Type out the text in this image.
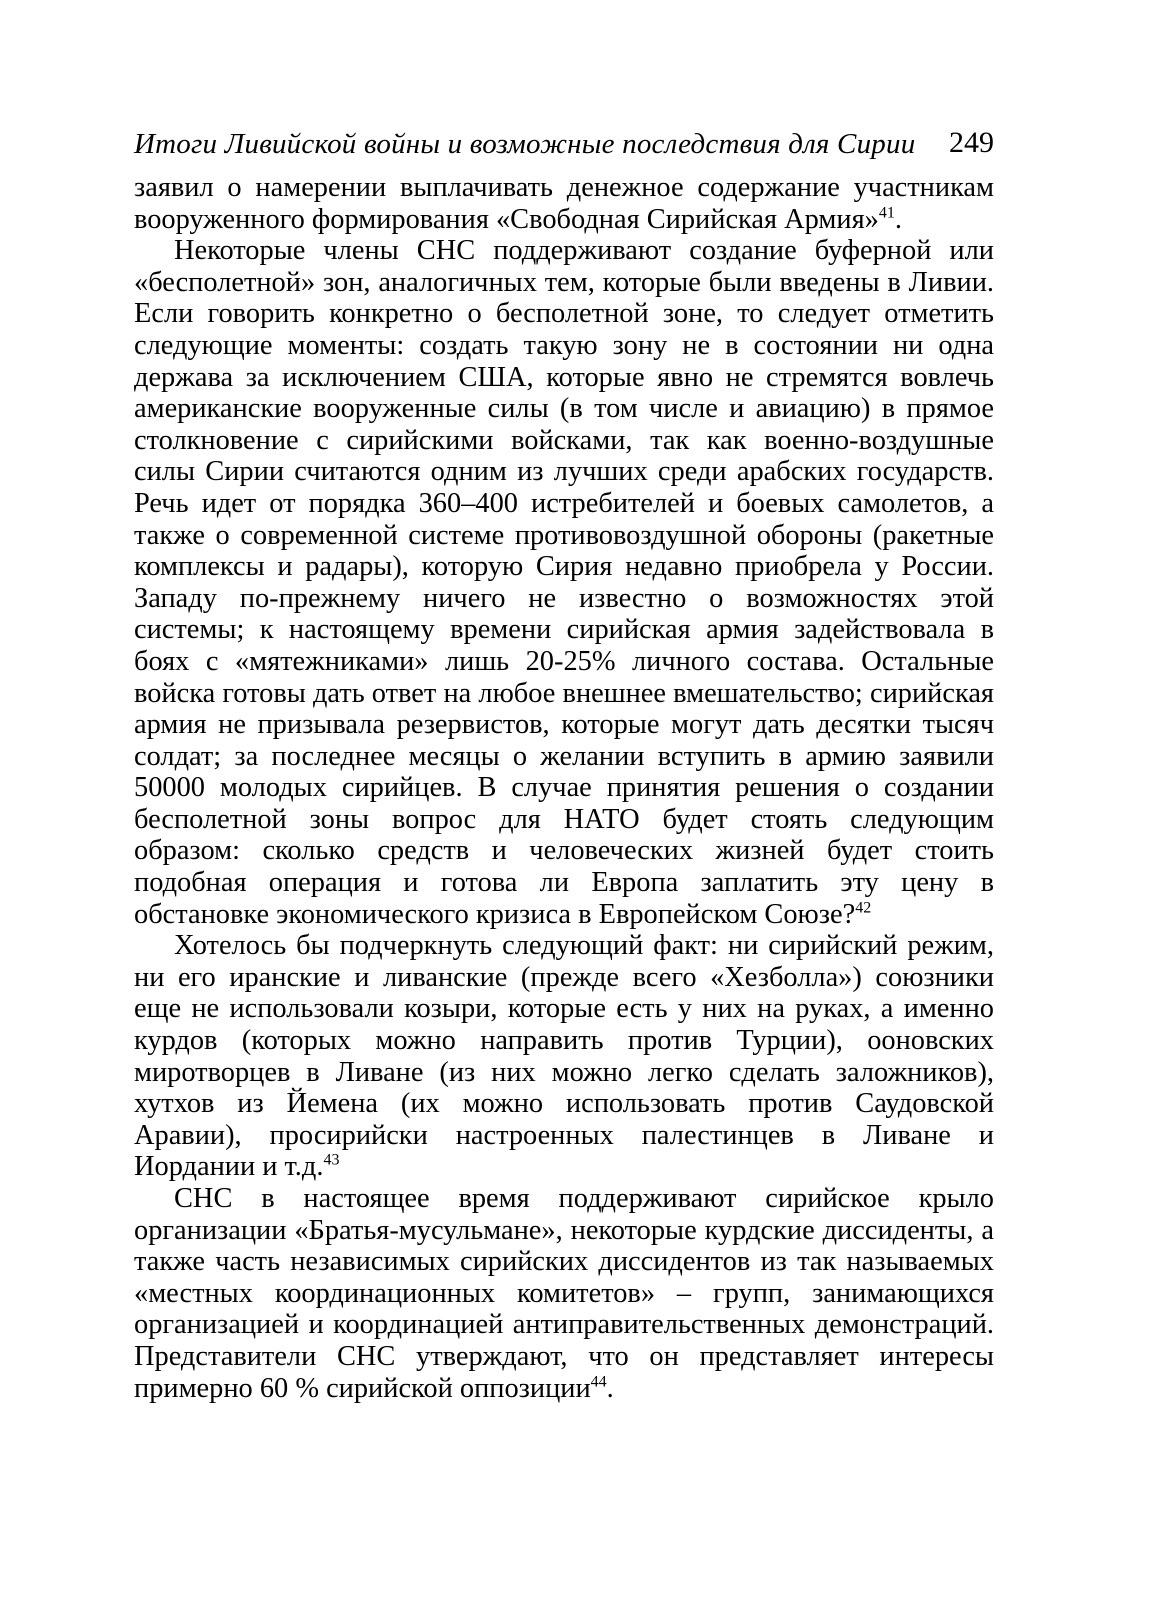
Итоги Ливийской войны и возможные последствия для Сирии 249

заявил о намерении выплачивать денежное содержание участникам вооруженного формирования «Свободная Сирийская Армия»$^{41}$.

Некоторые члены СНС поддерживают создание буферной или «бесполетной» зон, аналогичных тем, которые были введены в Ливии. Если говорить конкретно о бесполетной зоне, то следует отметить следующие моменты: создать такую зону не в состоянии ни одна держава за исключением США, которые явно не стремятся вовлечь американские вооруженные силы (в том числе и авиацию) в прямое столкновение с сирийскими войсками, так как военно-воздушные силы Сирии считаются одним из лучших среди арабских государств. Речь идет от порядка 360–400 истребителей и боевых самолетов, а также о современной системе противовоздушной обороны (ракетные комплексы и радары), которую Сирия недавно приобрела у России. Западу по-прежнему ничего не известно о возможностях этой системы; к настоящему времени сирийская армия задействовала в боях с «мятежниками» лишь 20-25% личного состава. Остальные войска готовы дать ответ на любое внешнее вмешательство; сирийская армия не призывала резервистов, которые могут дать десятки тысяч солдат; за последнее месяцы о желании вступить в армию заявили 50000 молодых сирийцев. В случае принятия решения о создании бесполетной зоны вопрос для НАТО будет стоять следующим образом: сколько средств и человеческих жизней будет стоить подобная операция и готова ли Европа заплатить эту цену в обстановке экономического кризиса в Европейском Союзе?$^{42}$

Хотелось бы подчеркнуть следующий факт: ни сирийский режим, ни его иранские и ливанские (прежде всего «Хезболла») союзники еще не использовали козыри, которые есть у них на руках, а именно курдов (которых можно направить против Турции), ооновских миротворцев в Ливане (из них можно легко сделать заложников), хутхов из Йемена (их можно использовать против Саудовской Аравии), просирийски настроенных палестинцев в Ливане и Иордании и т.д.$^{43}$

СНС в настоящее время поддерживают сирийское крыло организации «Братья-мусульмане», некоторые курдские диссиденты, а также часть независимых сирийских диссидентов из так называемых «местных координационных комитетов» – групп, занимающихся организацией и координацией антиправительственных демонстраций. Представители СНС утверждают, что он представляет интересы примерно 60 % сирийской оппозиции$^{44}$.
